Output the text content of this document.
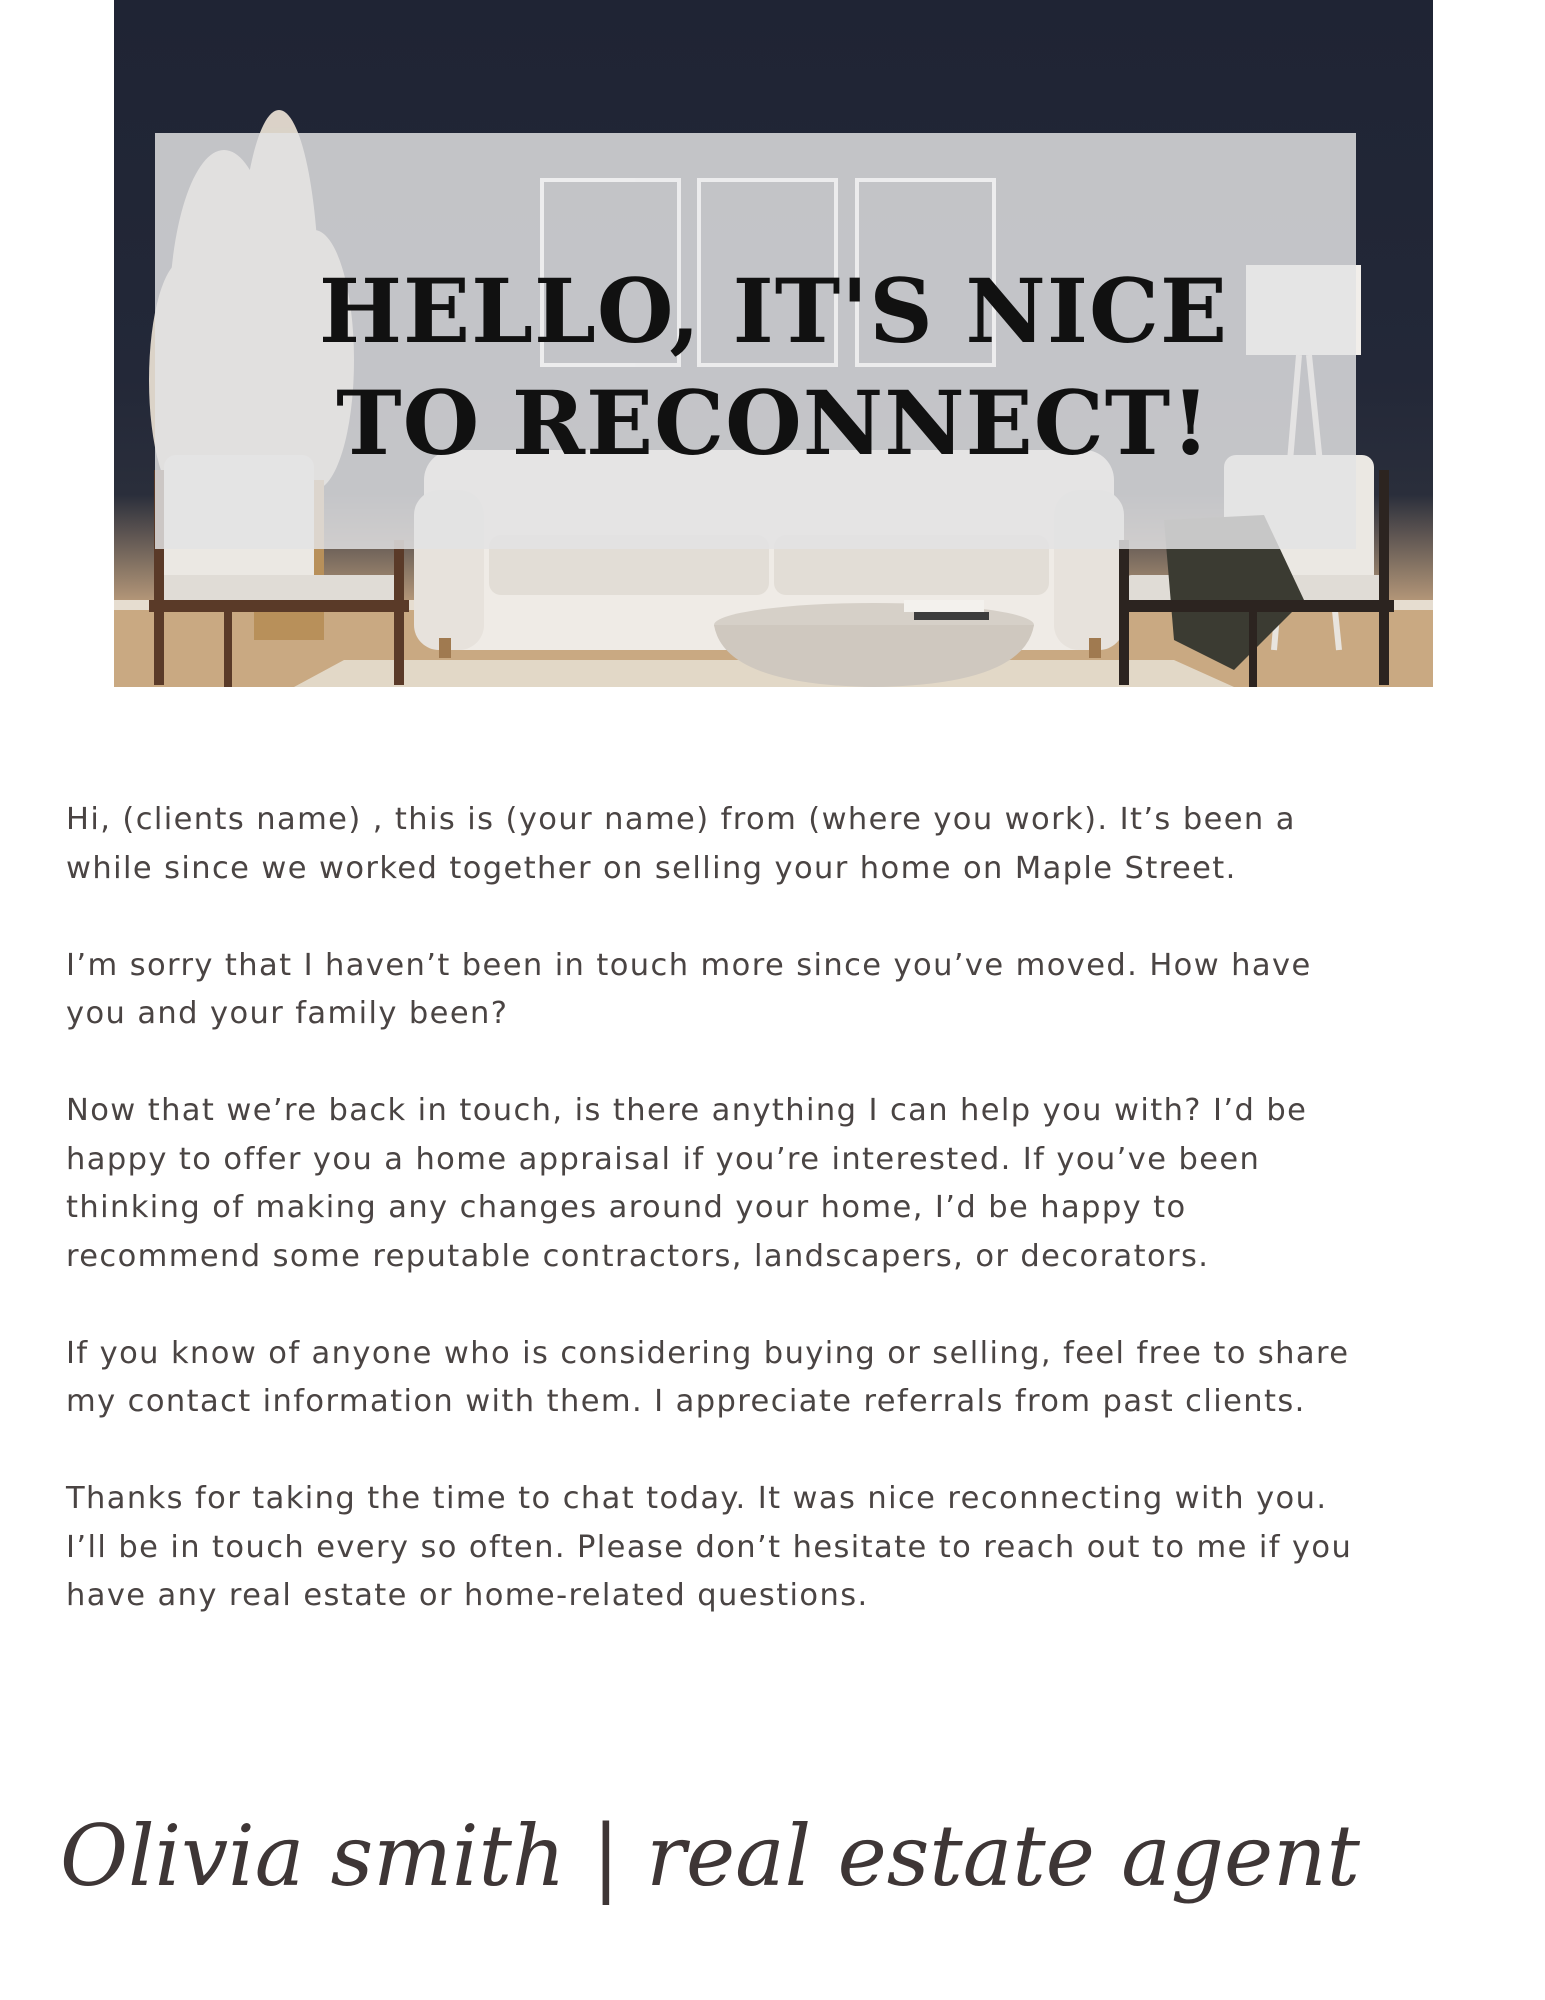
HELLO, IT'S NICE
TO RECONNECT!

Hi, (clients name) , this is (your name) from (where you work). It’s been a
while since we worked together on selling your home on Maple Street.

I’m sorry that I haven’t been in touch more since you’ve moved. How have
you and your family been?

Now that we’re back in touch, is there anything I can help you with? I’d be
happy to offer you a home appraisal if you’re interested. If you’ve been
thinking of making any changes around your home, I’d be happy to
recommend some reputable contractors, landscapers, or decorators.

If you know of anyone who is considering buying or selling, feel free to share
my contact information with them. I appreciate referrals from past clients.

Thanks for taking the time to chat today. It was nice reconnecting with you.
I’ll be in touch every so often. Please don’t hesitate to reach out to me if you
have any real estate or home-related questions.

Olivia smith | real estate agent
